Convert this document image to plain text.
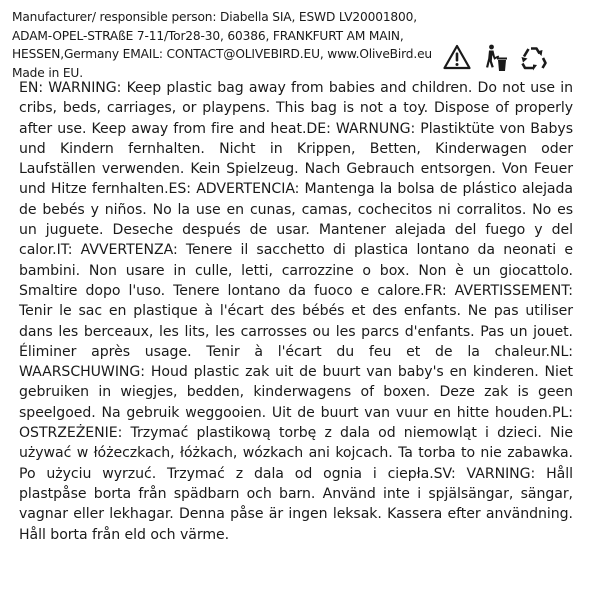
Manufacturer/ responsible person: Diabella SIA, ESWD LV20001800, ADAM-OPEL-STRAßE 7-11/Tor28-30, 60386, FRANKFURT AM MAIN, HESSEN,Germany EMAIL: CONTACT@OLIVEBIRD.EU, www.OliveBird.eu Made in EU.
EN: WARNING: Keep plastic bag away from babies and children. Do not use in cribs, beds, carriages, or playpens. This bag is not a toy. Dispose of properly after use. Keep away from fire and heat.DE: WARNUNG: Plastiktüte von Babys und Kindern fernhalten. Nicht in Krippen, Betten, Kinderwagen oder Laufställen verwenden. Kein Spielzeug. Nach Gebrauch entsorgen. Von Feuer und Hitze fernhalten.ES: ADVERTENCIA: Mantenga la bolsa de plástico alejada de bebés y niños. No la use en cunas, camas, cochecitos ni corralitos. No es un juguete. Deseche después de usar. Mantener alejada del fuego y del calor.IT: AVVERTENZA: Tenere il sacchetto di plastica lontano da neonati e bambini. Non usare in culle, letti, carrozzine o box. Non è un giocattolo. Smaltire dopo l'uso. Tenere lontano da fuoco e calore.FR: AVERTISSEMENT: Tenir le sac en plastique à l'écart des bébés et des enfants. Ne pas utiliser dans les berceaux, les lits, les carrosses ou les parcs d'enfants. Pas un jouet. Éliminer après usage. Tenir à l'écart du feu et de la chaleur.NL: WAARSCHUWING: Houd plastic zak uit de buurt van baby's en kinderen. Niet gebruiken in wiegjes, bedden, kinderwagens of boxen. Deze zak is geen speelgoed. Na gebruik weggooien. Uit de buurt van vuur en hitte houden.PL: OSTRZEŻENIE: Trzymać plastikową torbę z dala od niemowląt i dzieci. Nie używać w łóżeczkach, łóżkach, wózkach ani kojcach. Ta torba to nie zabawka. Po użyciu wyrzuć. Trzymać z dala od ognia i ciepła.SV: VARNING: Håll plastpåse borta från spädbarn och barn. Använd inte i spjälsängar, sängar, vagnar eller lekhagar. Denna påse är ingen leksak. Kassera efter användning. Håll borta från eld och värme.
